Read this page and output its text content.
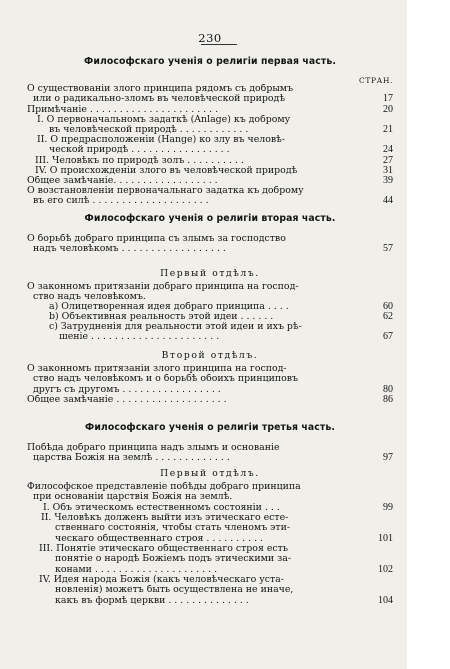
230
Философскаго ученія о религіи первая часть.
СТРАН.
О существованіи злого принципа рядомъ съ добрымъ
или о радикально-зломъ въ человѣческой природѣ	17
Примѣчаніе . . . . . . . . . . . . . . . . . . . . . .	20
I. О первоначальномъ задаткѣ (Anlage) къ доброму
въ человѣческой природѣ . . . . . . . . . . . .	21
II. О предрасположеніи (Hange) ко злу въ человѣ-
ческой природѣ . . . . . . . . . . . . . . . . .	24
III. Человѣкъ по природѣ золъ . . . . . . . . . .	27
IV. О происхожденіи злого въ человѣческой природѣ	31
Общее замѣчаніе. . . . . . . . . . . . . . . . . .	39
О возстановленіи первоначальнаго задатка къ доброму
въ его силѣ . . . . . . . . . . . . . . . . . . . .	44
Философскаго ученія о религіи вторая часть.
О борьбѣ добраго принципа съ злымъ за господство
надъ человѣкомъ . . . . . . . . . . . . . . . . . .	57
Первый отдѣлъ.
О законномъ притязаніи добраго принципа на господ-
ство надъ человѣкомъ.
а) Олицетворенная идея добраго принципа . . . .	60
b) Объективная реальность этой идеи . . . . . .	62
c) Затрудненія для реальности этой идеи и ихъ рѣ-
шеніе . . . . . . . . . . . . . . . . . . . . . .	67
Второй отдѣлъ.
О законномъ притязаніи злого принципа на господ-
ство надъ человѣкомъ и о борьбѣ обоихъ принциповъ
другъ съ другомъ . . . . . . . . . . . . . . . . .	80
Общее замѣчаніе . . . . . . . . . . . . . . . . . . .	86
Философскаго ученія о религіи третья часть.
Побѣда добраго принципа надъ злымъ и основаніе
царства Божія на землѣ . . . . . . . . . . . . .	97
Первый отдѣлъ.
Философское представленіе побѣды добраго принципа
при основаніи царствія Божія на землѣ.
I. Объ этическомъ естественномъ состояніи . . .	99
II. Человѣкъ долженъ выйти изъ этическаго есте-
ственнаго состоянія, чтобы стать членомъ эти-
ческаго общественнаго строя . . . . . . . . . .	101
III. Понятіе этическаго общественнаго строя есть
понятіе о народѣ Божіемъ подъ этическими за-
конами . . . . . . . . . . . . . . . . . . . . .	102
IV. Идея народа Божія (какъ человѣческаго уста-
новленія) можетъ быть осуществлена не иначе,
какъ въ формѣ церкви . . . . . . . . . . . . . .	104
